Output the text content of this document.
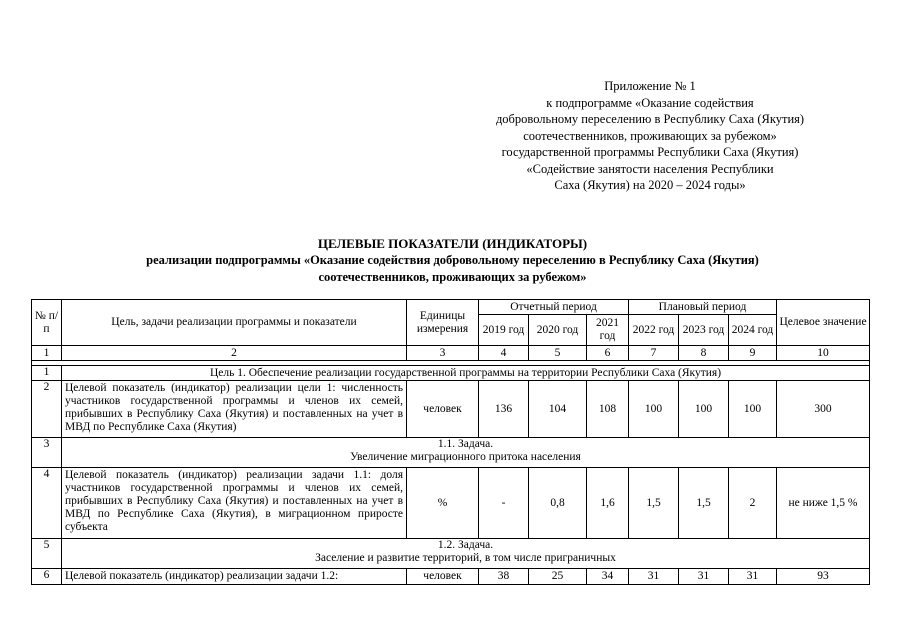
Приложение № 1
к подпрограмме «Оказание содействия
добровольному переселению в Республику Саха (Якутия)
соотечественников, проживающих за рубежом»
государственной программы Республики Саха (Якутия)
«Содействие занятости населения Республики
Саха (Якутия) на 2020 – 2024 годы»
ЦЕЛЕВЫЕ ПОКАЗАТЕЛИ (ИНДИКАТОРЫ)
реализации подпрограммы «Оказание содействия добровольному переселению в Республику Саха (Якутия)
соотечественников, проживающих за рубежом»
№ п/п	Цель, задачи реализации программы и показатели	Единицы измерения	Отчетный период			Плановый период			Целевое значение
			2019 год	2020 год	2021 год	2022 год	2023 год	2024 год	
1	2	3	4	5	6	7	8	9	10

1	Цель 1. Обеспечение реализации государственной программы на территории Республики Саха (Якутия)								
2	Целевой показатель (индикатор) реализации цели 1: численность участников государственной программы и членов их семей, прибывших в Республику Саха (Якутия) и поставленных на учет в МВД по Республике Саха (Якутия)	человек	136	104	108	100	100	100	300
3	1.1. Задача.
Увеличение миграционного притока населения								

4	Целевой показатель (индикатор) реализации задачи 1.1: доля участников государственной программы и членов их семей, прибывших в Республику Саха (Якутия) и поставленных на учет в МВД по Республике Саха (Якутия), в миграционном приросте субъекта	%	-	0,8	1,6	1,5	1,5	2	не ниже 1,5 %
5	1.2. Задача.
Заселение и развитие территорий, в том числе приграничных								

6	Целевой показатель (индикатор) реализации задачи 1.2:	человек	38	25	34	31	31	31	93
